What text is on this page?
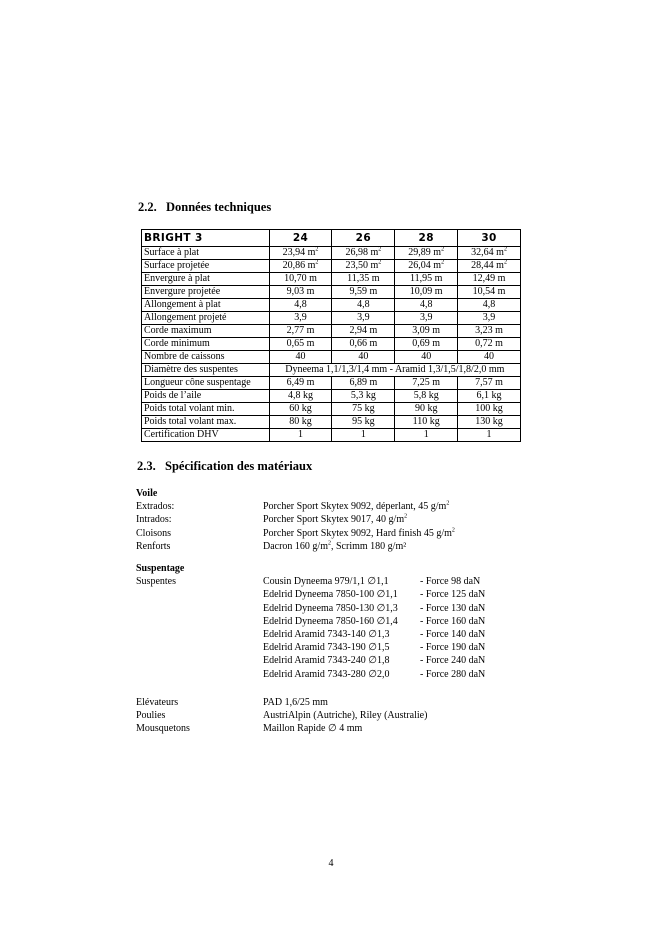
2.2. Données techniques
BRIGHT 3	24	26	28	30
Surface à plat	23,94 $m^2$	26,98 $m^2$	29,89 $m^2$	32,64 $m^2$
Surface projetée	20,86 $m^2$	23,50 $m^2$	26,04 $m^2$	28,44 $m^2$
Envergure à plat	10,70 m	11,35 m	11,95 m	12,49 m
Envergure projetée	9,03 m	9,59 m	10,09 m	10,54 m
Allongement à plat	4,8	4,8	4,8	4,8
Allongement projeté	3,9	3,9	3,9	3,9
Corde maximum	2,77 m	2,94 m	3,09 m	3,23 m
Corde minimum	0,65 m	0,66 m	0,69 m	0,72 m
Nombre de caissons	40	40	40	40
Diamètre des suspentes	Dyneema 1,1/1,3/1,4 mm - Aramid 1,3/1,5/1,8/2,0 mm			
Longueur cône suspentage	6,49 m	6,89 m	7,25 m	7,57 m
Poids de l’aile	4,8 kg	5,3 kg	5,8 kg	6,1 kg
Poids total volant min.	60 kg	75 kg	90 kg	100 kg
Poids total volant max.	80 kg	95 kg	110 kg	130 kg
Certification DHV	1	1	1	1
2.3. Spécification des matériaux
Voile
Extrados:	Porcher Sport Skytex 9092, déperlant, 45 $g/m^2$
Intrados:	Porcher Sport Skytex 9017, 40 $g/m^2$
Cloisons	Porcher Sport Skytex 9092, Hard finish 45 $g/m^2$
Renforts	Dacron 160 $g/m^2$, Scrimm 180 g/m²
Suspentage
Suspentes	Cousin Dyneema 979/1,1 ∅1,1	- Force 98 daN
Edelrid Dyneema 7850-100 ∅1,1 - Force 125 daN
Edelrid Dyneema 7850-130 ∅1,3 - Force 130 daN
Edelrid Dyneema 7850-160 ∅1,4 - Force 160 daN
Edelrid Aramid 7343-140 ∅1,3	- Force 140 daN
Edelrid Aramid 7343-190 ∅1,5	- Force 190 daN
Edelrid Aramid 7343-240 ∅1,8	- Force 240 daN
Edelrid Aramid 7343-280 ∅2,0	- Force 280 daN
Elévateurs	PAD 1,6/25 mm
Poulies	AustriAlpin (Autriche), Riley (Australie)
Mousquetons	Maillon Rapide ∅ 4 mm
4
